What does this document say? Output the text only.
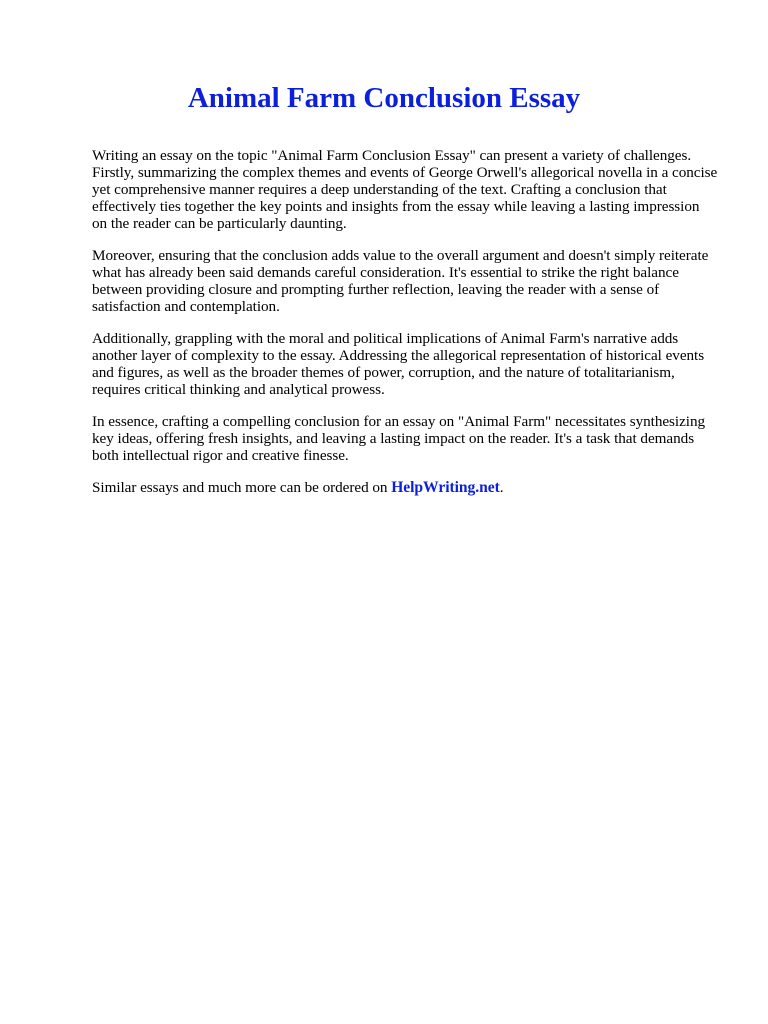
Animal Farm Conclusion Essay

Writing an essay on the topic "Animal Farm Conclusion Essay" can present a variety of challenges. Firstly, summarizing the complex themes and events of George Orwell's allegorical novella in a concise yet comprehensive manner requires a deep understanding of the text. Crafting a conclusion that effectively ties together the key points and insights from the essay while leaving a lasting impression on the reader can be particularly daunting.

Moreover, ensuring that the conclusion adds value to the overall argument and doesn't simply reiterate what has already been said demands careful consideration. It's essential to strike the right balance between providing closure and prompting further reflection, leaving the reader with a sense of satisfaction and contemplation.

Additionally, grappling with the moral and political implications of Animal Farm's narrative adds another layer of complexity to the essay. Addressing the allegorical representation of historical events and figures, as well as the broader themes of power, corruption, and the nature of totalitarianism, requires critical thinking and analytical prowess.

In essence, crafting a compelling conclusion for an essay on "Animal Farm" necessitates synthesizing key ideas, offering fresh insights, and leaving a lasting impact on the reader. It's a task that demands both intellectual rigor and creative finesse.

Similar essays and much more can be ordered on HelpWriting.net.
